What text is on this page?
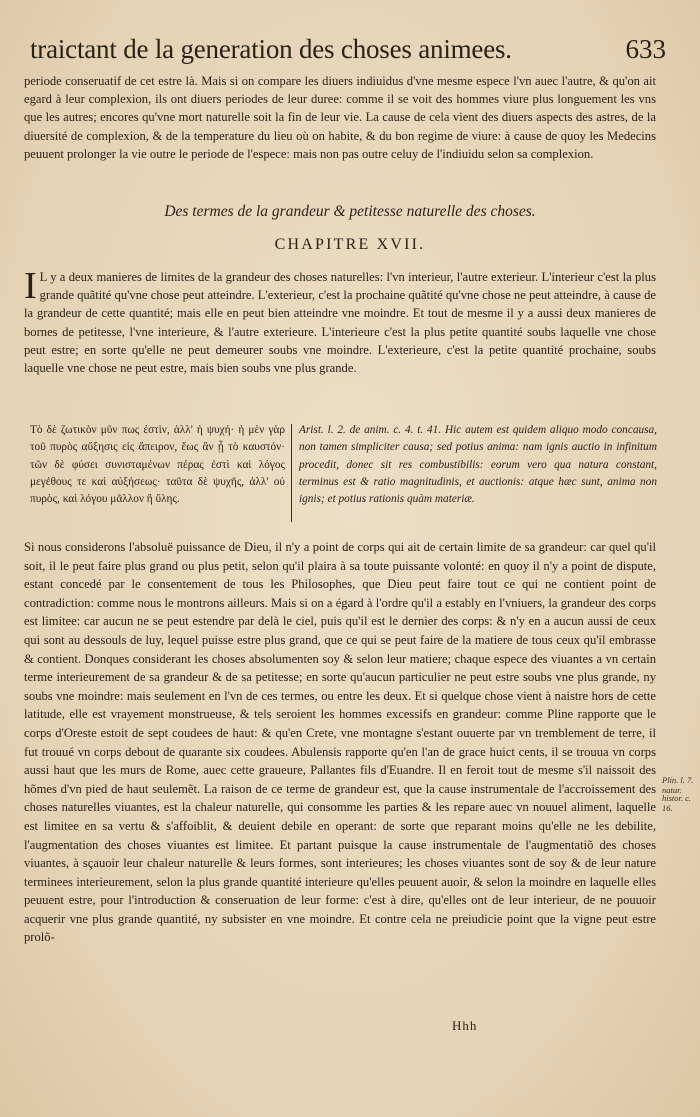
traictant de la generation des choses animees.	633

periode conseruatif de cet estre là. Mais si on compare les diuers indiuidus d'vne mesme espece l'vn auec l'autre, & qu'on ait egard à leur complexion, ils ont diuers periodes de leur duree: comme il se voit des hommes viure plus longuement les vns que les autres; encores qu'vne mort naturelle soit la fin de leur vie. La cause de cela vient des diuers aspects des astres, de la diuersité de complexion, & de la temperature du lieu où on habite, & du bon regime de viure: à cause de quoy les Medecins peuuent prolonger la vie outre le periode de l'espece: mais non pas outre celuy de l'indiuidu selon sa complexion.

Des termes de la grandeur & petitesse naturelle des choses.
CHAPITRE XVII.

I L y a deux manieres de limites de la grandeur des choses naturelles: l'vn interieur, l'autre exterieur. L'interieur c'est la plus grande quãtité qu'vne chose peut atteindre. L'exterieur, c'est la prochaine quãtité qu'vne chose ne peut atteindre, à cause de la grandeur de cette quantité; mais elle en peut bien atteindre vne moindre. Et tout de mesme il y a aussi deux manieres de bornes de petitesse, l'vne interieure, & l'autre exterieure. L'interieure c'est la plus petite quantité soubs laquelle vne chose peut estre; en sorte qu'elle ne peut demeurer soubs vne moindre. L'exterieure, c'est la petite quantité prochaine, soubs laquelle vne chose ne peut estre, mais bien soubs vne plus grande.

Τὸ δὲ ζωτικὸν μῦν πως ἐστὶν, ἀλλ' ἡ ψυχή· ἡ μὲν γὰρ τοῦ πυρὸς αὔξησις εἰς ἄπειρον, ἕως ἂν ᾖ τὸ καυστόν· τῶν δὲ φύσει συνισταμένων πέρας ἐστὶ καὶ λόγος μεγέθους τε καὶ αὐξήσεως· ταῦτα δὲ ψυχῆς, ἀλλ' οὐ πυρὸς, καὶ λόγου μᾶλλον ἢ ὕλης.

Arist. l. 2. de anim. c. 4. t. 41. Hic autem est quidem aliquo modo concausa, non tamen simpliciter causa; sed potius anima: nam ignis auctio in infinitum procedit, donec sit res combustibilis: eorum vero qua natura constant, terminus est & ratio magnitudinis, et auctionis: atque hæc sunt, anima non ignis; et potius rationis quàm materiæ.

Si nous considerons l'absoluë puissance de Dieu, il n'y a point de corps qui ait de certain limite de sa grandeur: car quel qu'il soit, il le peut faire plus grand ou plus petit, selon qu'il plaira à sa toute puissante volonté: en quoy il n'y a point de dispute, estant concedé par le consentement de tous les Philosophes, que Dieu peut faire tout ce qui ne contient point de contradiction: comme nous le montrons ailleurs. Mais si on a égard à l'ordre qu'il a estably en l'vniuers, la grandeur des corps est limitee: car aucun ne se peut estendre par delà le ciel, puis qu'il est le dernier des corps: & n'y en a aucun aussi de ceux qui sont au dessouls de luy, lequel puisse estre plus grand, que ce qui se peut faire de la matiere de tous ceux qu'il embrasse & contient. Donques considerant les choses absolumenten soy & selon leur matiere; chaque espece des viuantes a vn certain terme interieurement de sa grandeur & de sa petitesse; en sorte qu'aucun particulier ne peut estre soubs vne plus grande, ny soubs vne moindre: mais seulement en l'vn de ces termes, ou entre les deux. Et si quelque chose vient à naistre hors de cette latitude, elle est vrayement monstrueuse, & tels seroient les hommes excessifs en grandeur: comme Pline rapporte que le corps d'Oreste estoit de sept coudees de haut: & qu'en Crete, vne montagne s'estant ouuerte par vn tremblement de terre, il fut trouué vn corps debout de quarante six coudees. Abulensis rapporte qu'en l'an de grace huict cents, il se trouua vn corps aussi haut que les murs de Rome, auec cette graueure, Pallantes fils d'Euandre. Il en feroit tout de mesme s'il naissoit des hõmes d'vn pied de haut seulemẽt. La raison de ce terme de grandeur est, que la cause instrumentale de l'accroissement des choses naturelles viuantes, est la chaleur naturelle, qui consomme les parties & les repare auec vn nouuel aliment, laquelle est limitee en sa vertu & s'affoiblit, & deuient debile en operant: de sorte que reparant moins qu'elle ne les debilite, l'augmentation des choses viuantes est limitee. Et partant puisque la cause instrumentale de l'augmentatiõ des choses viuantes, à sçauoir leur chaleur naturelle & leurs formes, sont interieures; les choses viuantes sont de soy & de leur nature terminees interieurement, selon la plus grande quantité interieure qu'elles peuuent auoir, & selon la moindre en laquelle elles peuuent estre, pour l'introduction & conseruation de leur forme: c'est à dire, qu'elles ont de leur interieur, de ne pouuoir acquerir vne plus grande quantité, ny subsister en vne moindre. Et contre cela ne preiudicie point que la vigne peut estre prolõ-

Plin. l. 7. natur.
histor. c. 16.
Hhh
